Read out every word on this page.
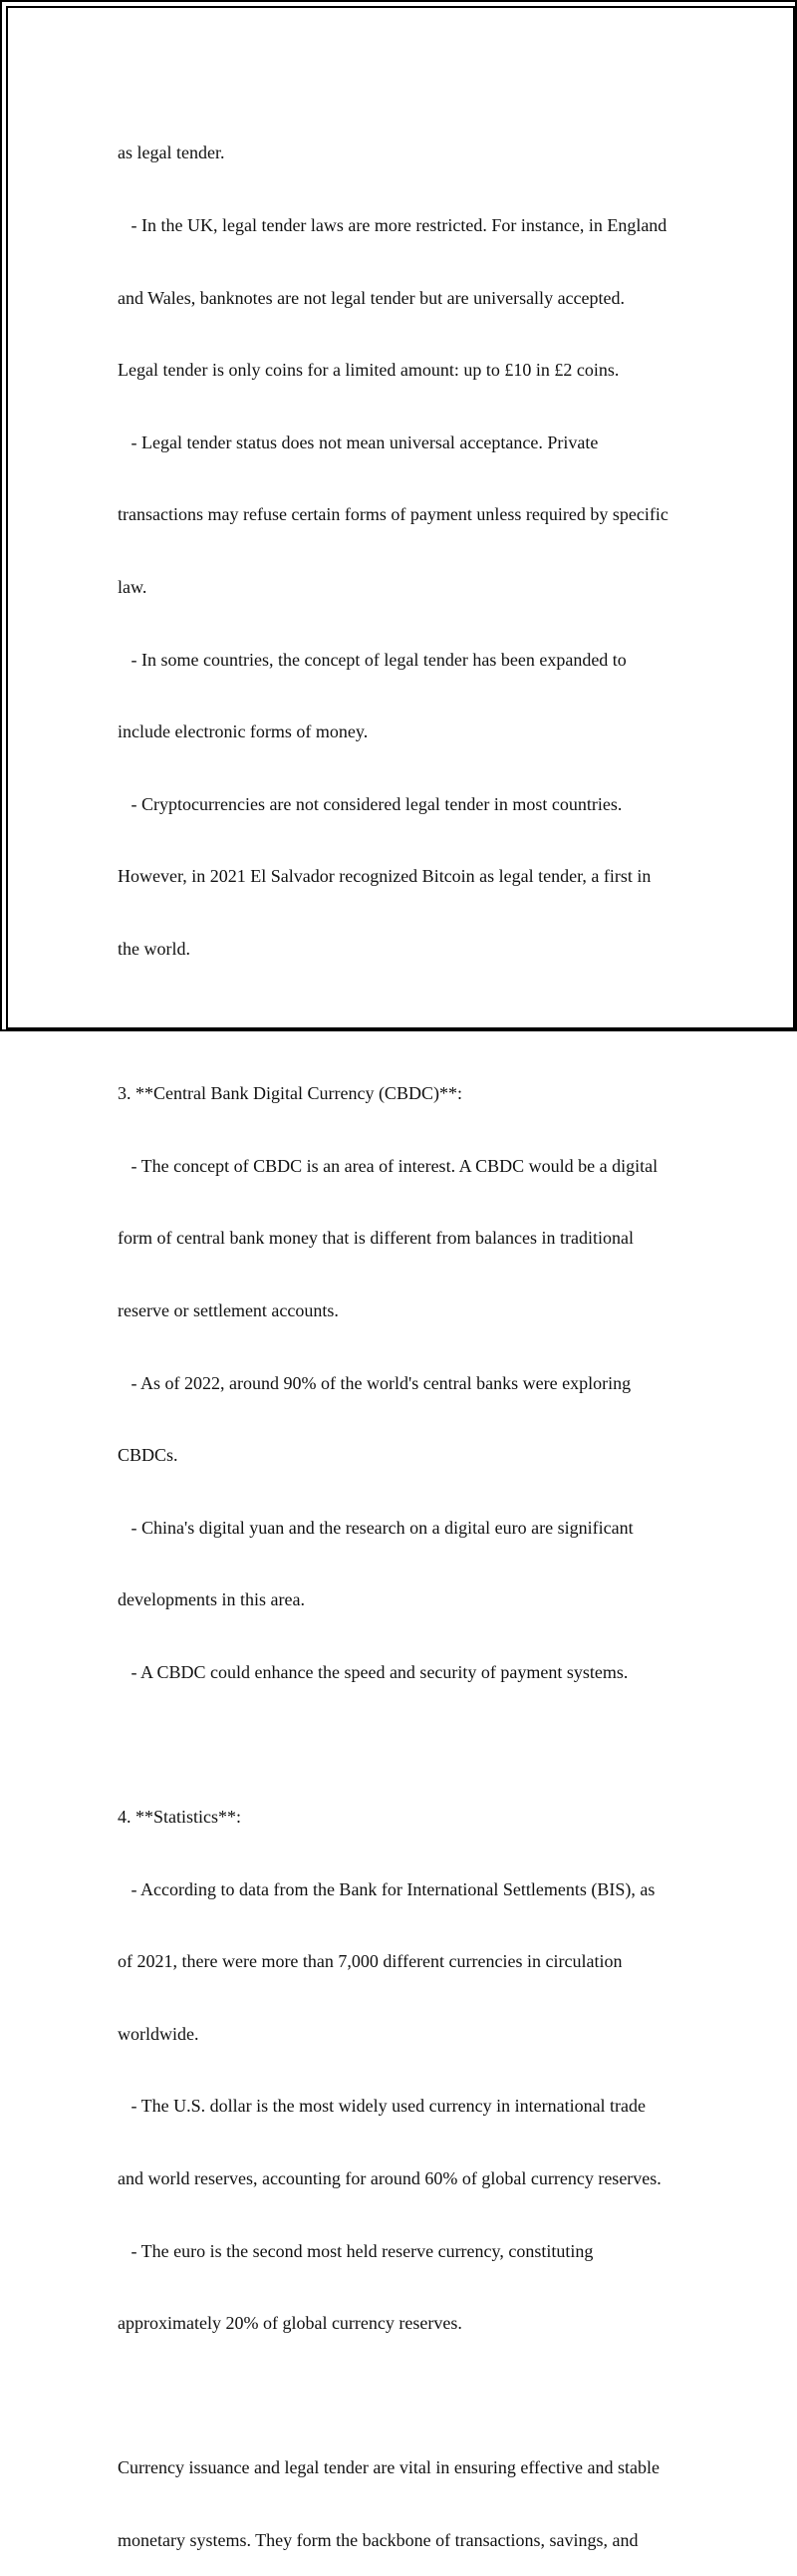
as legal tender.

- In the UK, legal tender laws are more restricted. For instance, in England

and Wales, banknotes are not legal tender but are universally accepted.

Legal tender is only coins for a limited amount: up to £10 in £2 coins.

- Legal tender status does not mean universal acceptance. Private

transactions may refuse certain forms of payment unless required by specific

law.

- In some countries, the concept of legal tender has been expanded to

include electronic forms of money.

- Cryptocurrencies are not considered legal tender in most countries.

However, in 2021 El Salvador recognized Bitcoin as legal tender, a first in

the world.

3. **Central Bank Digital Currency (CBDC)**:

- The concept of CBDC is an area of interest. A CBDC would be a digital

form of central bank money that is different from balances in traditional

reserve or settlement accounts.

- As of 2022, around 90% of the world's central banks were exploring

CBDCs.

- China's digital yuan and the research on a digital euro are significant

developments in this area.

- A CBDC could enhance the speed and security of payment systems.

4. **Statistics**:

- According to data from the Bank for International Settlements (BIS), as

of 2021, there were more than 7,000 different currencies in circulation

worldwide.

- The U.S. dollar is the most widely used currency in international trade

and world reserves, accounting for around 60% of global currency reserves.

- The euro is the second most held reserve currency, constituting

approximately 20% of global currency reserves.

Currency issuance and legal tender are vital in ensuring effective and stable

monetary systems. They form the backbone of transactions, savings, and
